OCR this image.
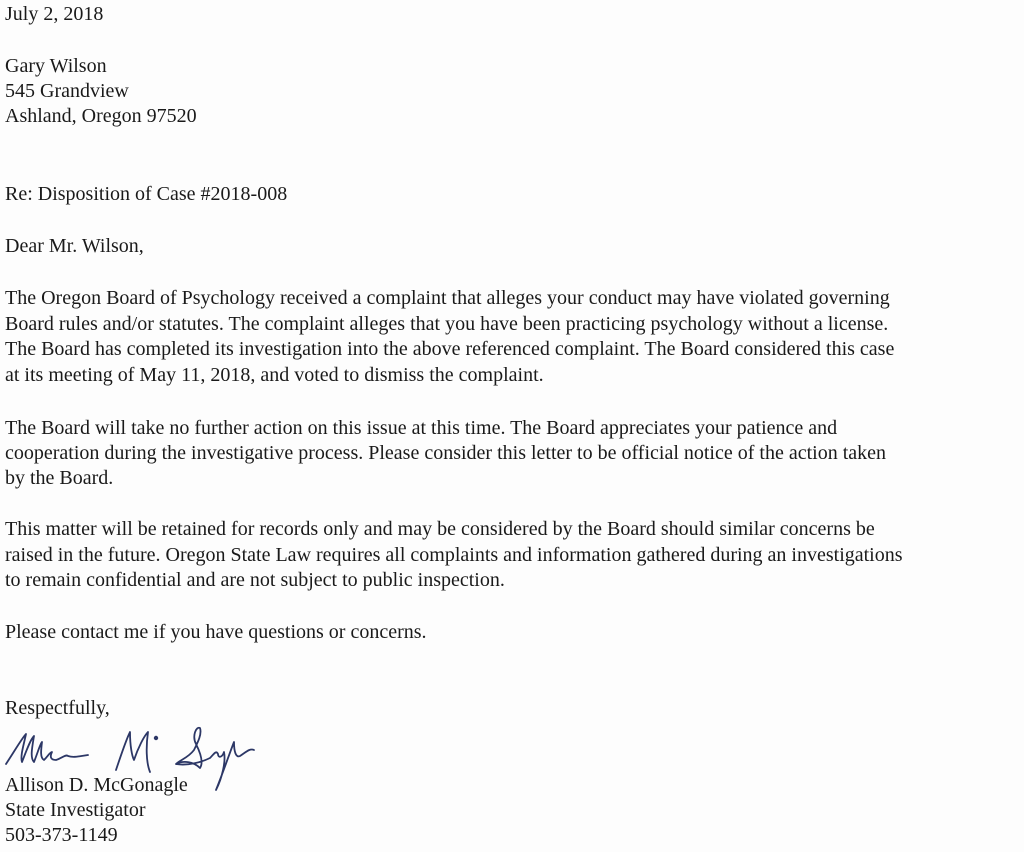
July 2, 2018
Gary Wilson
545 Grandview
Ashland, Oregon 97520
Re: Disposition of Case #2018-008
Dear Mr. Wilson,
The Oregon Board of Psychology received a complaint that alleges your conduct may have violated governing
Board rules and/or statutes. The complaint alleges that you have been practicing psychology without a license.
The Board has completed its investigation into the above referenced complaint. The Board considered this case
at its meeting of May 11, 2018, and voted to dismiss the complaint.
The Board will take no further action on this issue at this time. The Board appreciates your patience and
cooperation during the investigative process. Please consider this letter to be official notice of the action taken
by the Board.
This matter will be retained for records only and may be considered by the Board should similar concerns be
raised in the future. Oregon State Law requires all complaints and information gathered during an investigations
to remain confidential and are not subject to public inspection.
Please contact me if you have questions or concerns.
Respectfully,
Allison D. McGonagle
State Investigator
503-373-1149
